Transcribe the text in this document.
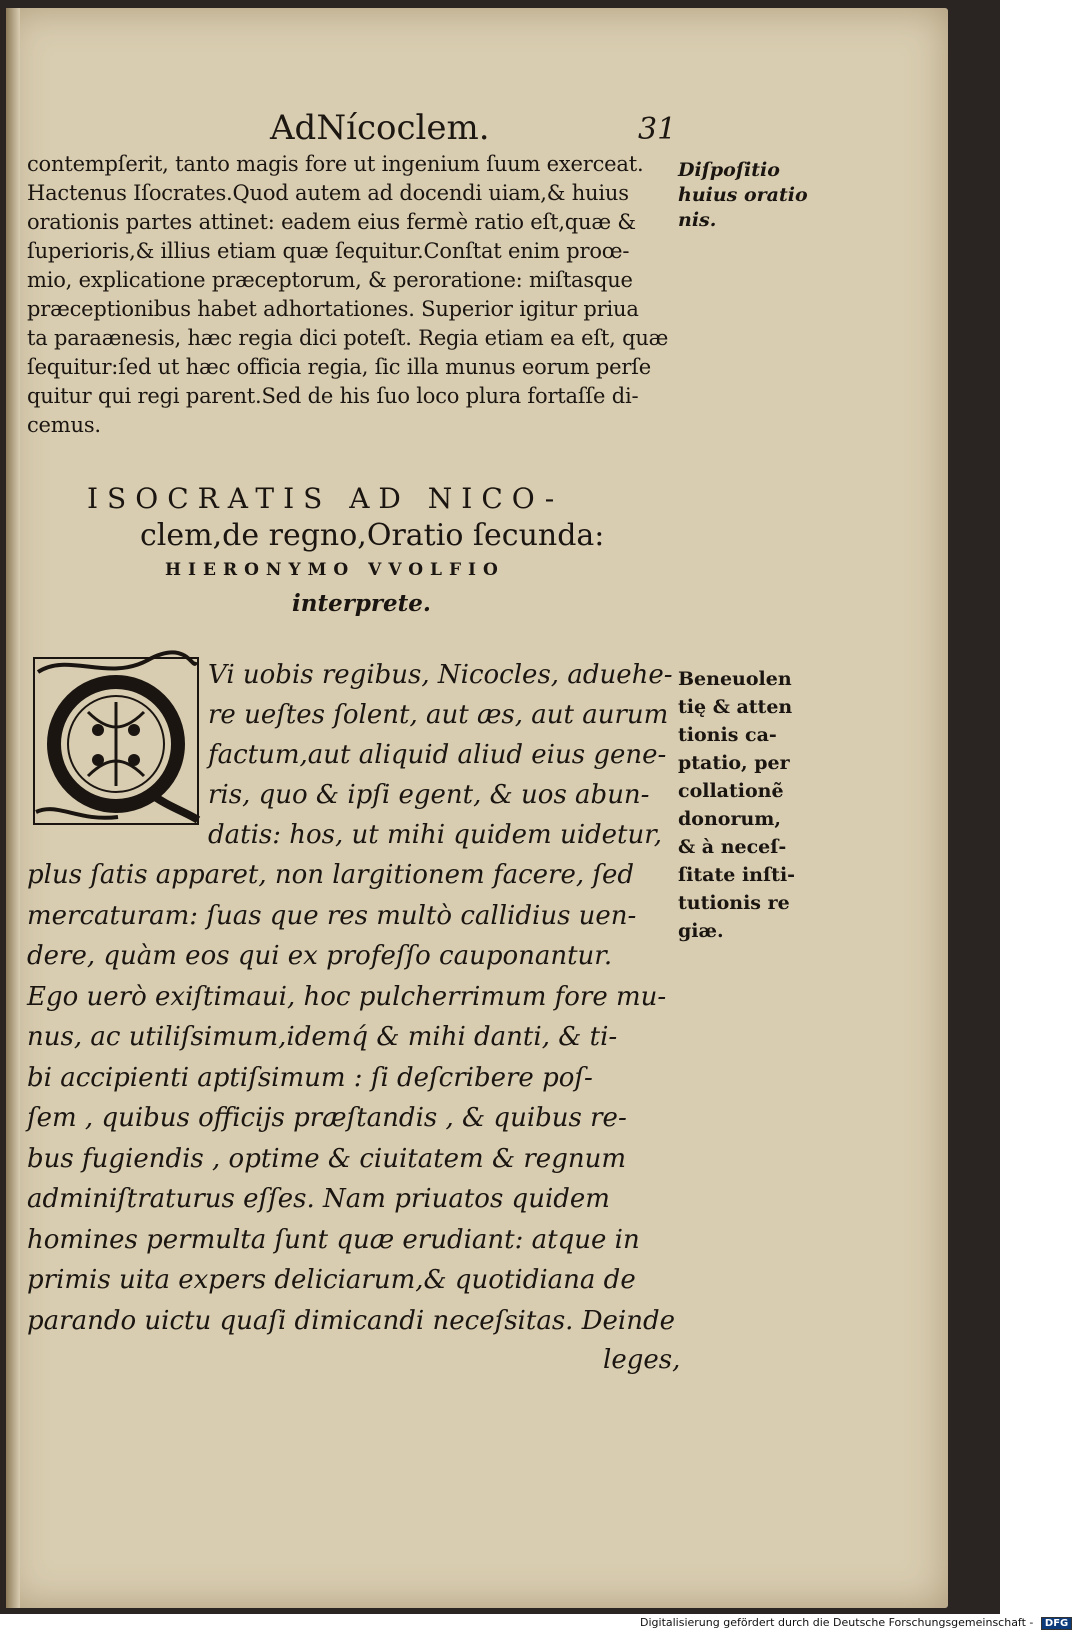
AdNícoclem.	31
contempſerit, tanto magis fore ut ingenium ſuum exerceat.
Hactenus Iſocrates.Quod autem ad docendi uiam,& huius
orationis partes attinet: eadem eius fermè ratio eſt,quæ &
ſuperioris,& illius etiam quæ ſequitur.Conſtat enim proœ-
mio, explicatione præceptorum, & peroratione: miſtasque
præceptionibus habet adhortationes. Superior igitur priua
ta paraænesis, hæc regia dici poteſt. Regia etiam ea eſt, quæ
ſequitur:ſed ut hæc officia regia, ſic illa munus eorum perſe
quitur qui regi parent.Sed de his ſuo loco plura fortaſſe di-
cemus.
Diſpoſitio
huius oratio
nis.
ISOCRATIS AD NICO-
clem,de regno,Oratio ſecunda:
HIERONYMO VVOLFIO
interprete.
Vi uobis regibus, Nicocles, aduehe-
re ueſtes ſolent, aut æs, aut aurum
factum,aut aliquid aliud eius gene-
ris, quo & ipſi egent, & uos abun-
datis: hos, ut mihi quidem uidetur,
plus ſatis apparet, non largitionem facere, ſed
mercaturam: ſuas que res multò callidius uen-
dere, quàm eos qui ex profeſſo cauponantur.
Ego uerò exiſtimaui, hoc pulcherrimum fore mu-
nus, ac utiliſsimum,idemq́ & mihi danti, & ti-
bi accipienti aptiſsimum : ſi deſcribere poſ-
ſem , quibus officijs præſtandis , & quibus re-
bus fugiendis , optime & ciuitatem & regnum
adminiſtraturus eſſes. Nam priuatos quidem
homines permulta ſunt quæ erudiant: atque in
primis uita expers deliciarum,& quotidiana de
parando uictu quaſi dimicandi neceſsitas. Deinde
leges,
Beneuolen
tię & atten
tionis ca-
ptatio, per
collationẽ
donorum,
& à neceſ-
ſitate inſti-
tutionis re
giæ.
Digitalisierung gefördert durch die Deutsche Forschungsgemeinschaft - DFG
